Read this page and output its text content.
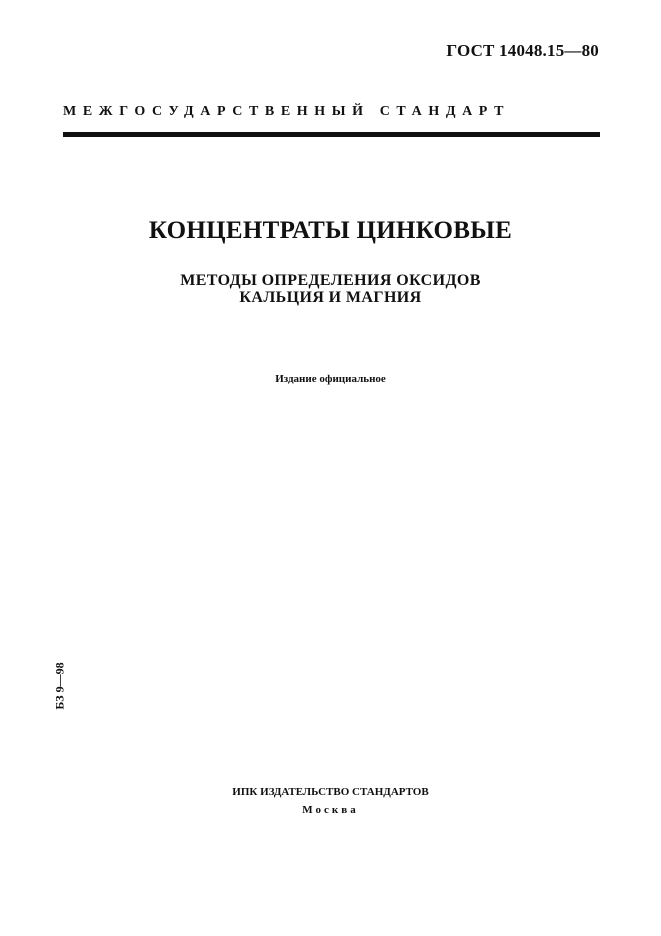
ГОСТ 14048.15—80
МЕЖГОСУДАРСТВЕННЫЙ СТАНДАРТ
КОНЦЕНТРАТЫ ЦИНКОВЫЕ
МЕТОДЫ ОПРЕДЕЛЕНИЯ ОКСИДОВ
КАЛЬЦИЯ И МАГНИЯ
Издание официальное
БЗ 9—98
ИПК ИЗДАТЕЛЬСТВО СТАНДАРТОВ
Москва
